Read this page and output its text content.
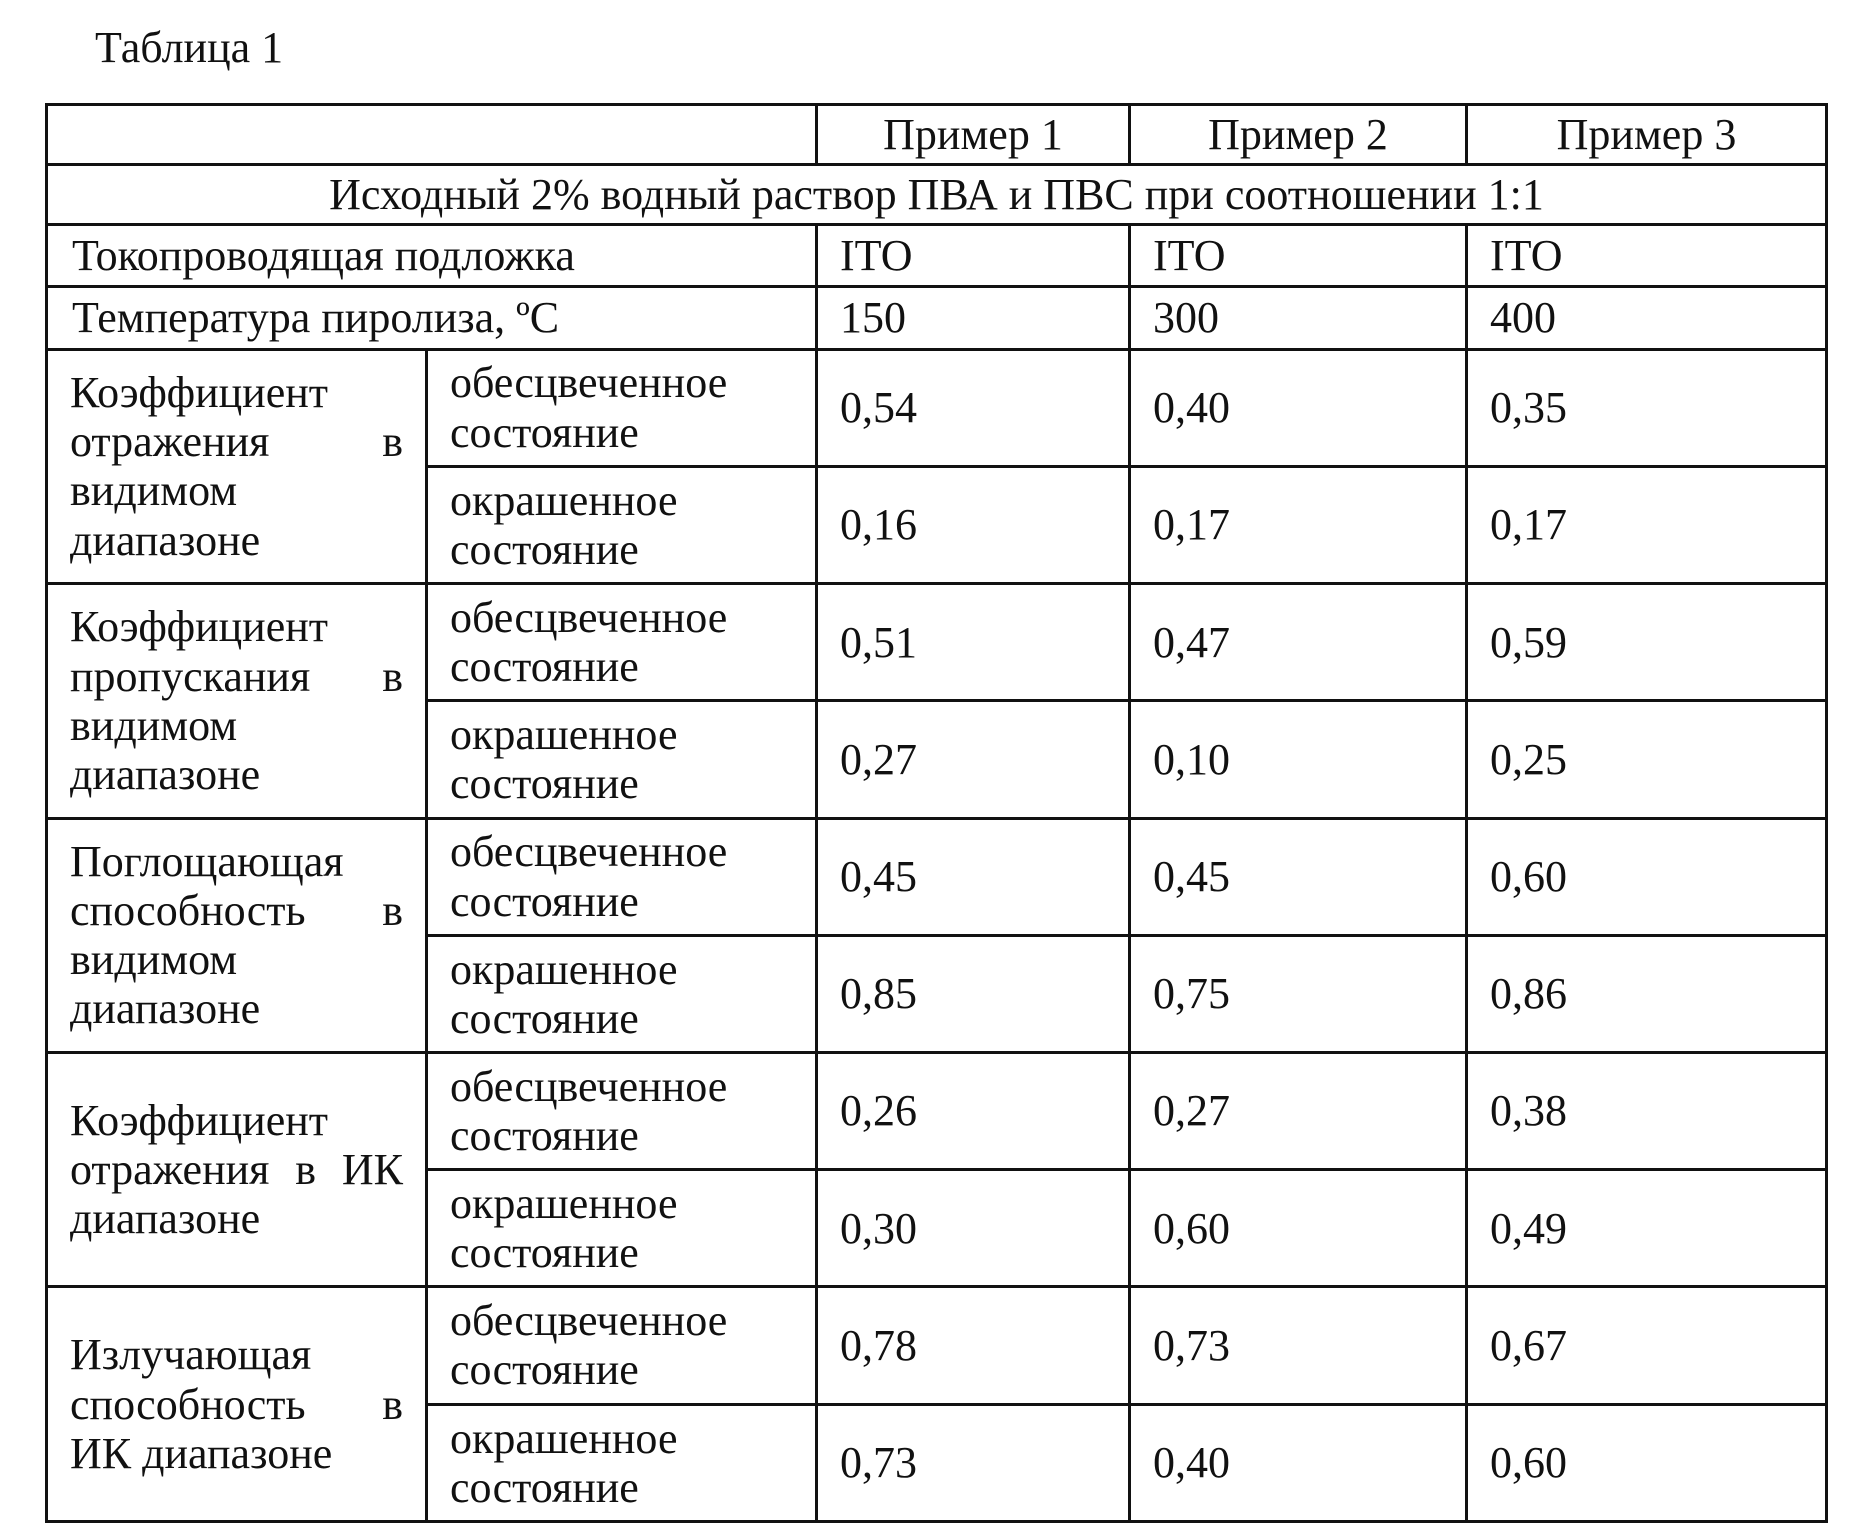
Таблица 1
		Пример 1	Пример 2	Пример 3
Исходный 2% водный раствор ПВА и ПВС при соотношении 1:1				
Токопроводящая подложка		ITO	ITO	ITO
Температура пиролиза, ºС		150	300	400
Коэффициент отражения в видимом диапазоне	обесцвеченное состояние	0,54	0,40	0,35
	окрашенное состояние	0,16	0,17	0,17
Коэффициент пропускания в видимом диапазоне	обесцвеченное состояние	0,51	0,47	0,59
	окрашенное состояние	0,27	0,10	0,25
Поглощающая способность в видимом диапазоне	обесцвеченное состояние	0,45	0,45	0,60
	окрашенное состояние	0,85	0,75	0,86
Коэффициент отражения в ИК диапазоне	обесцвеченное состояние	0,26	0,27	0,38
	окрашенное состояние	0,30	0,60	0,49
Излучающая способность в ИК диапазоне	обесцвеченное состояние	0,78	0,73	0,67
	окрашенное состояние	0,73	0,40	0,60
